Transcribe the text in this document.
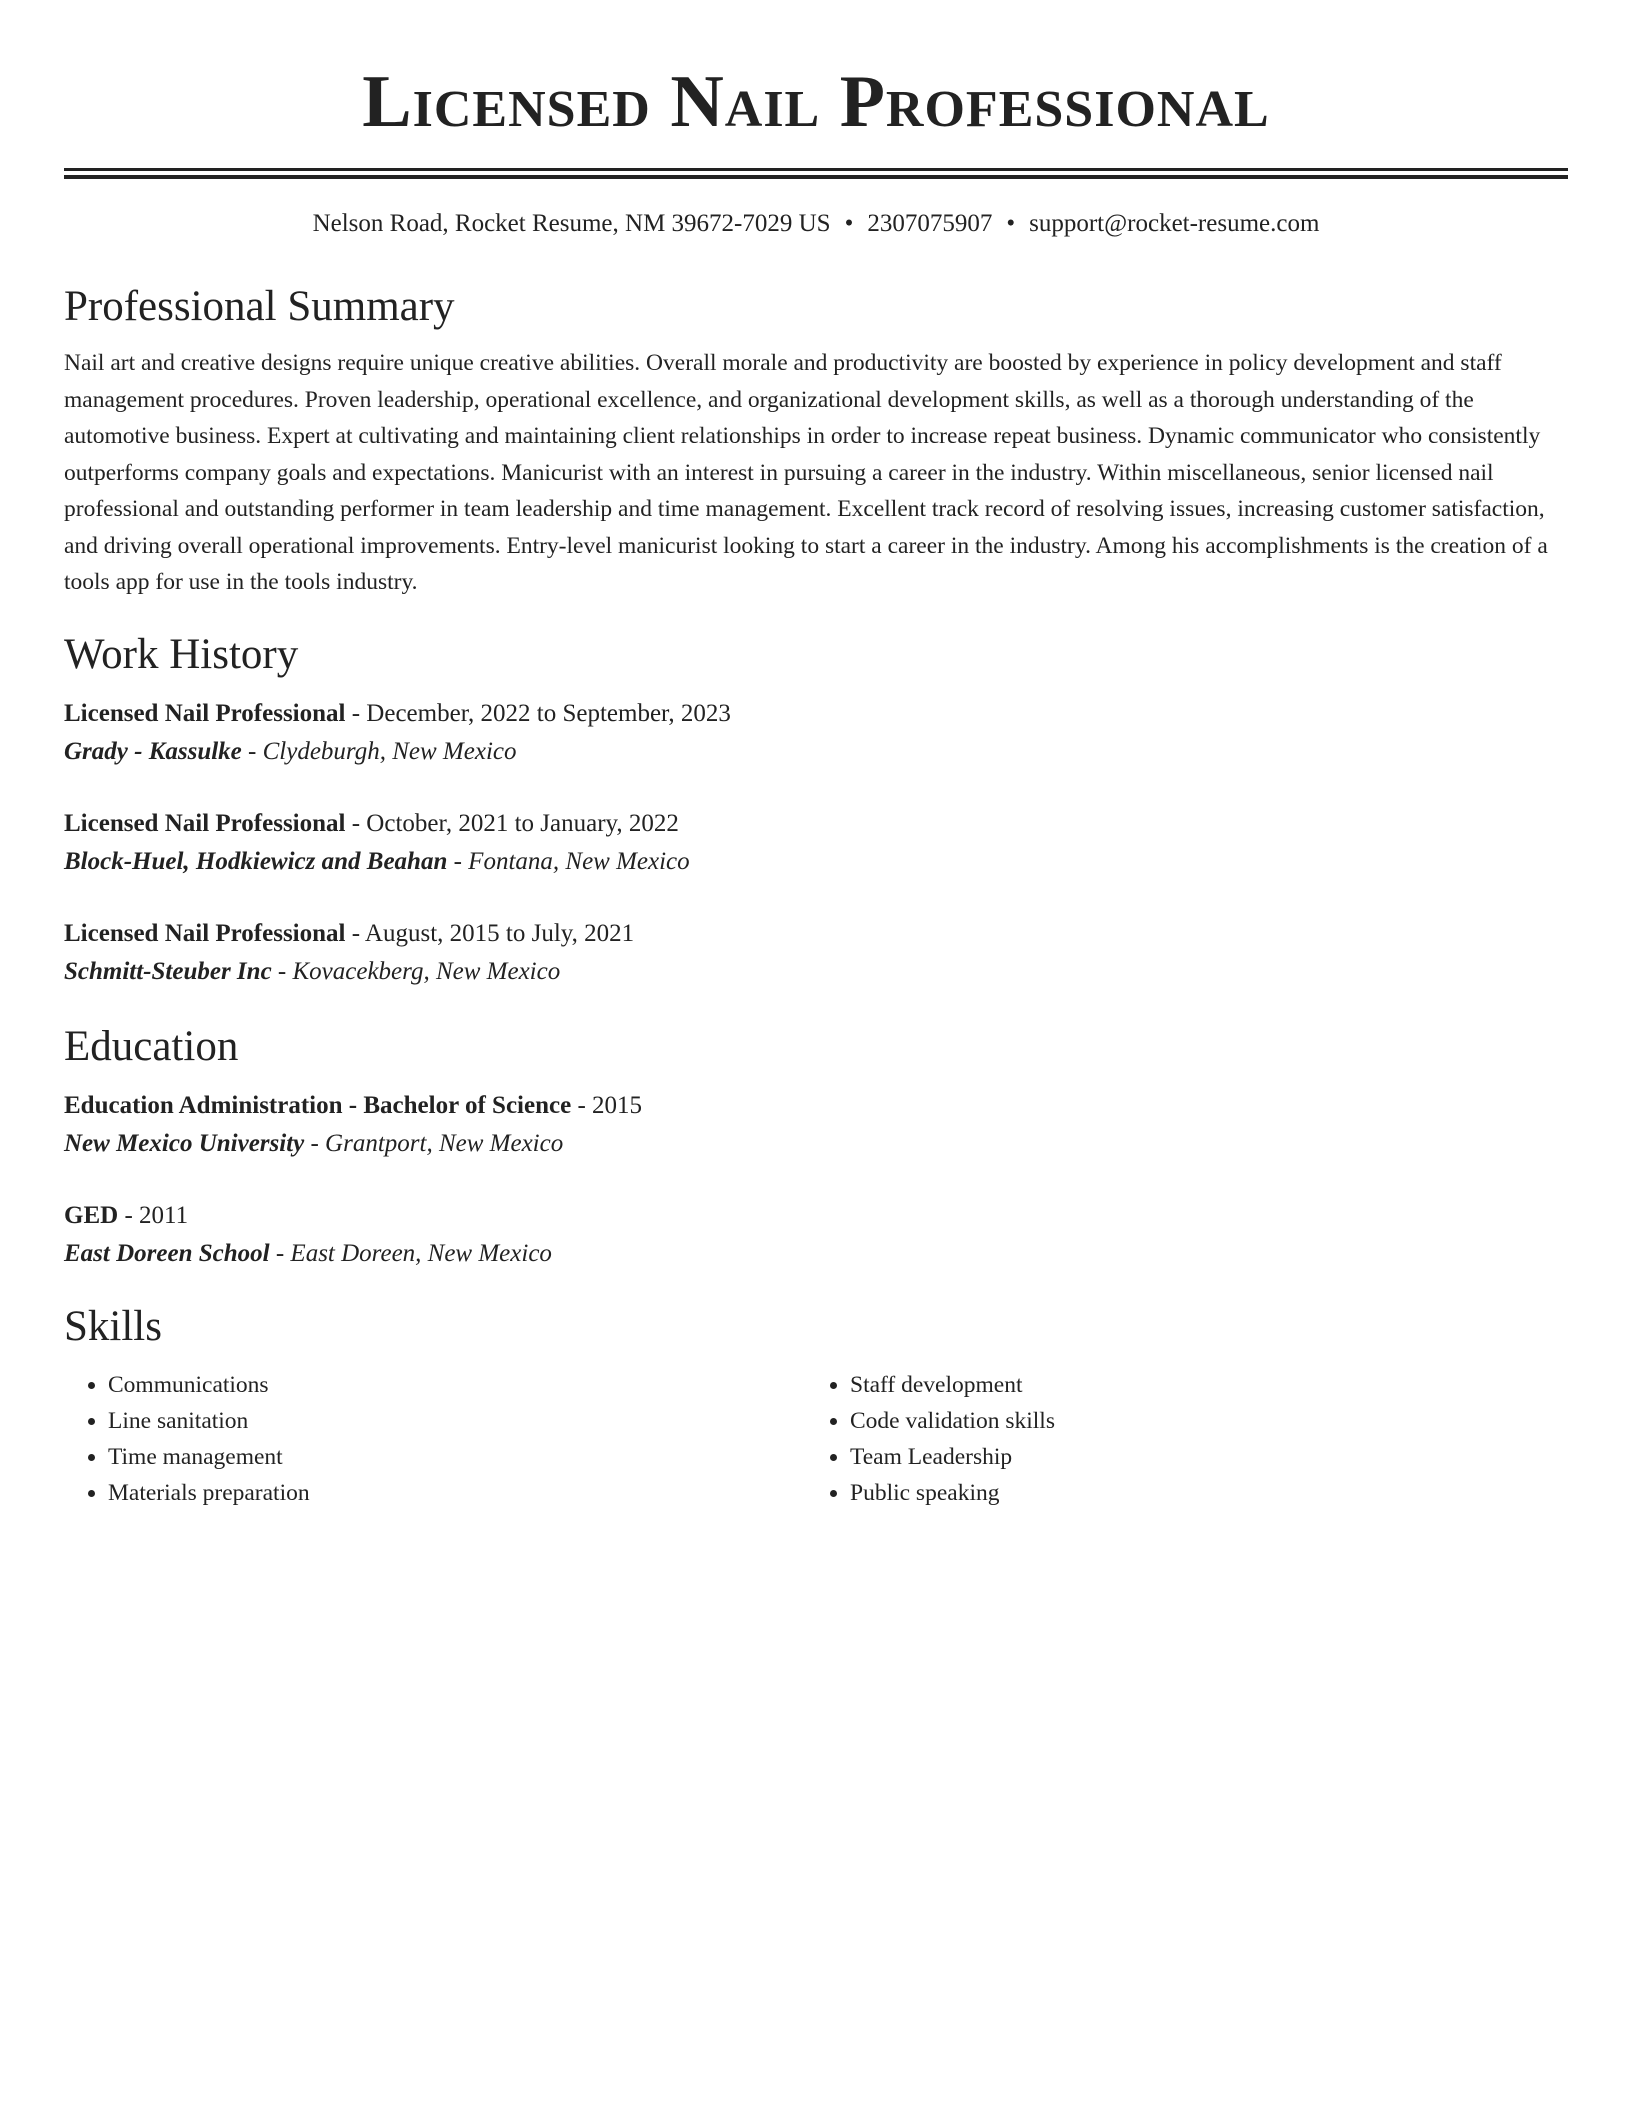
Licensed Nail Professional
Nelson Road, Rocket Resume, NM 39672-7029 US • 2307075907 • support@rocket-resume.com
Professional Summary

Nail art and creative designs require unique creative abilities. Overall morale and productivity are boosted by experience in policy development and staff management procedures. Proven leadership, operational excellence, and organizational development skills, as well as a thorough understanding of the automotive business. Expert at cultivating and maintaining client relationships in order to increase repeat business. Dynamic communicator who consistently outperforms company goals and expectations. Manicurist with an interest in pursuing a career in the industry. Within miscellaneous, senior licensed nail professional and outstanding performer in team leadership and time management. Excellent track record of resolving issues, increasing customer satisfaction, and driving overall operational improvements. Entry-level manicurist looking to start a career in the industry. Among his accomplishments is the creation of a tools app for use in the tools industry.

Work History
Licensed Nail Professional - December, 2022 to September, 2023
Grady - Kassulke - Clydeburgh, New Mexico
Licensed Nail Professional - October, 2021 to January, 2022
Block-Huel, Hodkiewicz and Beahan - Fontana, New Mexico
Licensed Nail Professional - August, 2015 to July, 2021
Schmitt-Steuber Inc - Kovacekberg, New Mexico
Education
Education Administration - Bachelor of Science - 2015
New Mexico University - Grantport, New Mexico
GED - 2011
East Doreen School - East Doreen, New Mexico
Skills
• Communications
• Line sanitation
• Time management
• Materials preparation
• Staff development
• Code validation skills
• Team Leadership
• Public speaking
